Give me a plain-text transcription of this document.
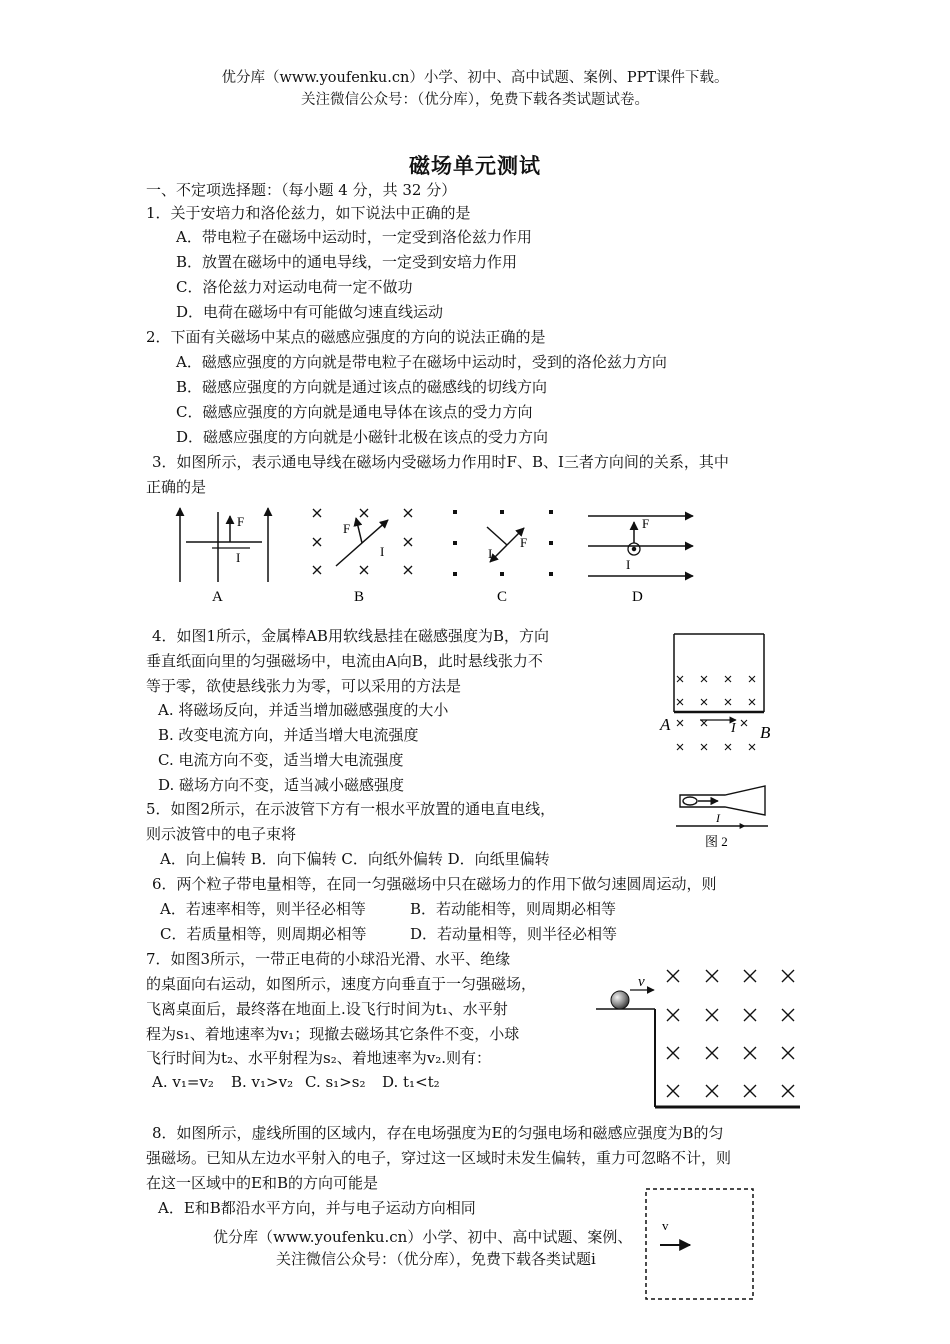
优分库（www.youfenku.cn）小学、初中、高中试题、案例、PPT课件下载。
关注微信公众号：（优分库），免费下载各类试题试卷。
磁场单元测试
一、不定项选择题：（每小题 4 分，共 32 分）
1．关于安培力和洛伦兹力，如下说法中正确的是
A．带电粒子在磁场中运动时，一定受到洛伦兹力作用
B．放置在磁场中的通电导线，一定受到安培力作用
C．洛伦兹力对运动电荷一定不做功
D．电荷在磁场中有可能做匀速直线运动
2．下面有关磁场中某点的磁感应强度的方向的说法正确的是
A．磁感应强度的方向就是带电粒子在磁场中运动时，受到的洛伦兹力方向
B．磁感应强度的方向就是通过该点的磁感线的切线方向
C．磁感应强度的方向就是通电导体在该点的受力方向
D．磁感应强度的方向就是小磁针北极在该点的受力方向
3．如图所示，表示通电导线在磁场内受磁场力作用时F、B、I三者方向间的关系，其中
正确的是
F
I
A
F
I
B
F
I
C
F
I
D
4．如图1所示，金属棒AB用软线悬挂在磁感强度为B，方向
垂直纸面向里的匀强磁场中，电流由A向B，此时悬线张力不
等于零，欲使悬线张力为零，可以采用的方法是
A. 将磁场反向，并适当增加磁感强度的大小
B. 改变电流方向，并适当增大电流强度
C. 电流方向不变，适当增大电流强度
D. 磁场方向不变，适当减小磁感强度
A	B
I
5．如图2所示，在示波管下方有一根水平放置的通电直电线，
则示波管中的电子束将
A．向上偏转 B．向下偏转 C．向纸外偏转 D．向纸里偏转
I
图 2
6．两个粒子带电量相等，在同一匀强磁场中只在磁场力的作用下做匀速圆周运动，则
A．若速率相等，则半径必相等	B．若动能相等，则周期必相等
C．若质量相等，则周期必相等	D．若动量相等，则半径必相等
7．如图3所示，一带正电荷的小球沿光滑、水平、绝缘
的桌面向右运动，如图所示，速度方向垂直于一匀强磁场，
飞离桌面后，最终落在地面上.设飞行时间为t₁、水平射
程为s₁、着地速率为v₁；现撤去磁场其它条件不变，小球
飞行时间为t₂、水平射程为s₂、着地速率为v₂.则有：
A. v₁=v₂ B. v₁>v₂ C. s₁>s₂ D. t₁<t₂
v
8．如图所示，虚线所围的区域内，存在电场强度为E的匀强电场和磁感应强度为B的匀
强磁场。已知从左边水平射入的电子，穿过这一区域时未发生偏转，重力可忽略不计，则
在这一区域中的E和B的方向可能是
A．E和B都沿水平方向，并与电子运动方向相同
v
优分库（www.youfenku.cn）小学、初中、高中试题、案例、
关注微信公众号：（优分库），免费下载各类试题i
